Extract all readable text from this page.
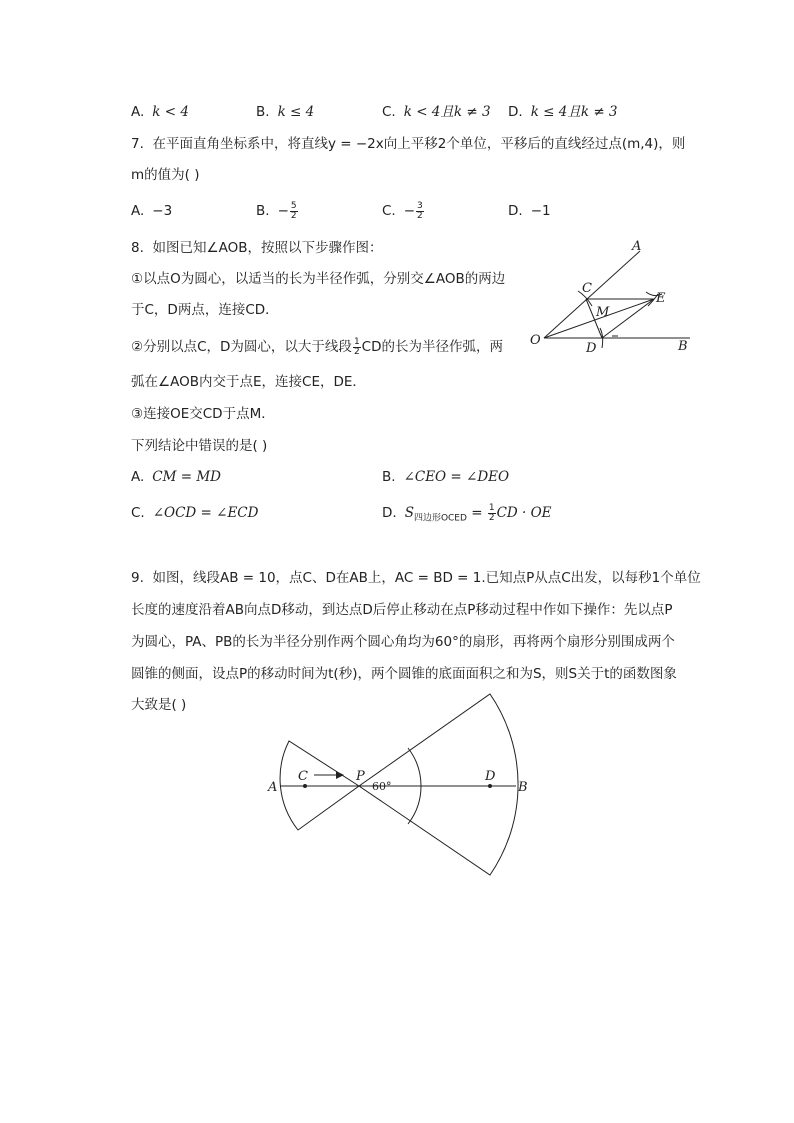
A. k < 4	B. k ≤ 4	C. k < 4且k ≠ 3 D. k ≤ 4且k ≠ 3
7. 在平面直角坐标系中，将直线y = −2x向上平移2个单位，平移后的直线经过点(m,4)，则
m的值为( )
A. −3	B. − $\frac{5}{2}$	C. − $\frac{3}{2}$	D. −1
8. 如图已知∠AOB，按照以下步骤作图：
①以点O为圆心，以适当的长为半径作弧，分别交∠AOB的两边
于C，D两点，连接CD．
②分别以点C，D为圆心，以大于线段 $\frac{1}{2}$ CD的长为半径作弧，两
弧在∠AOB内交于点E，连接CE，DE．
③连接OE交CD于点M．
下列结论中错误的是( )
A. CM = MD	B. ∠CEO = ∠DEO
C. ∠OCD = ∠ECD	D. $S_{四边形OCED} = \frac{1}{2}$ CD · OE
A
B
C
D
E
M
O
9. 如图，线段AB = 10，点C、D在AB上，AC = BD = 1.已知点P从点C出发，以每秒1个单位
长度的速度沿着AB向点D移动，到达点D后停止移动在点P移动过程中作如下操作：先以点P
为圆心，PA、PB的长为半径分别作两个圆心角均为60°的扇形，再将两个扇形分别围成两个
圆锥的侧面，设点P的移动时间为t(秒)，两个圆锥的底面面积之和为S，则S关于t的函数图象
大致是( )
A	B
C	D
P
60°
